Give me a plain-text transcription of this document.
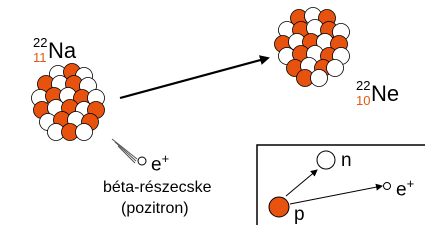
22
11 Na
22
10 Ne
e+
béta-részecske
(pozitron)
n
p
e+
